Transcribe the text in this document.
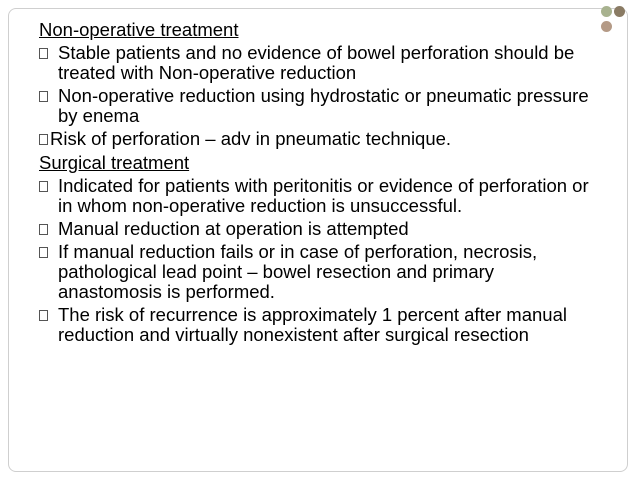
Non-operative treatment
Stable patients and no evidence of bowel perforation should be treated with Non-operative reduction
Non-operative reduction using hydrostatic or pneumatic pressure by enema
Risk of perforation – adv in pneumatic technique.
Surgical treatment
Indicated for patients with peritonitis or evidence of perforation or in whom non-operative reduction is unsuccessful.
Manual reduction at operation is attempted
If manual reduction fails or in case of perforation, necrosis, pathological lead point – bowel resection and primary anastomosis is performed.
The risk of recurrence is approximately 1 percent after manual reduction and virtually nonexistent after surgical resection
